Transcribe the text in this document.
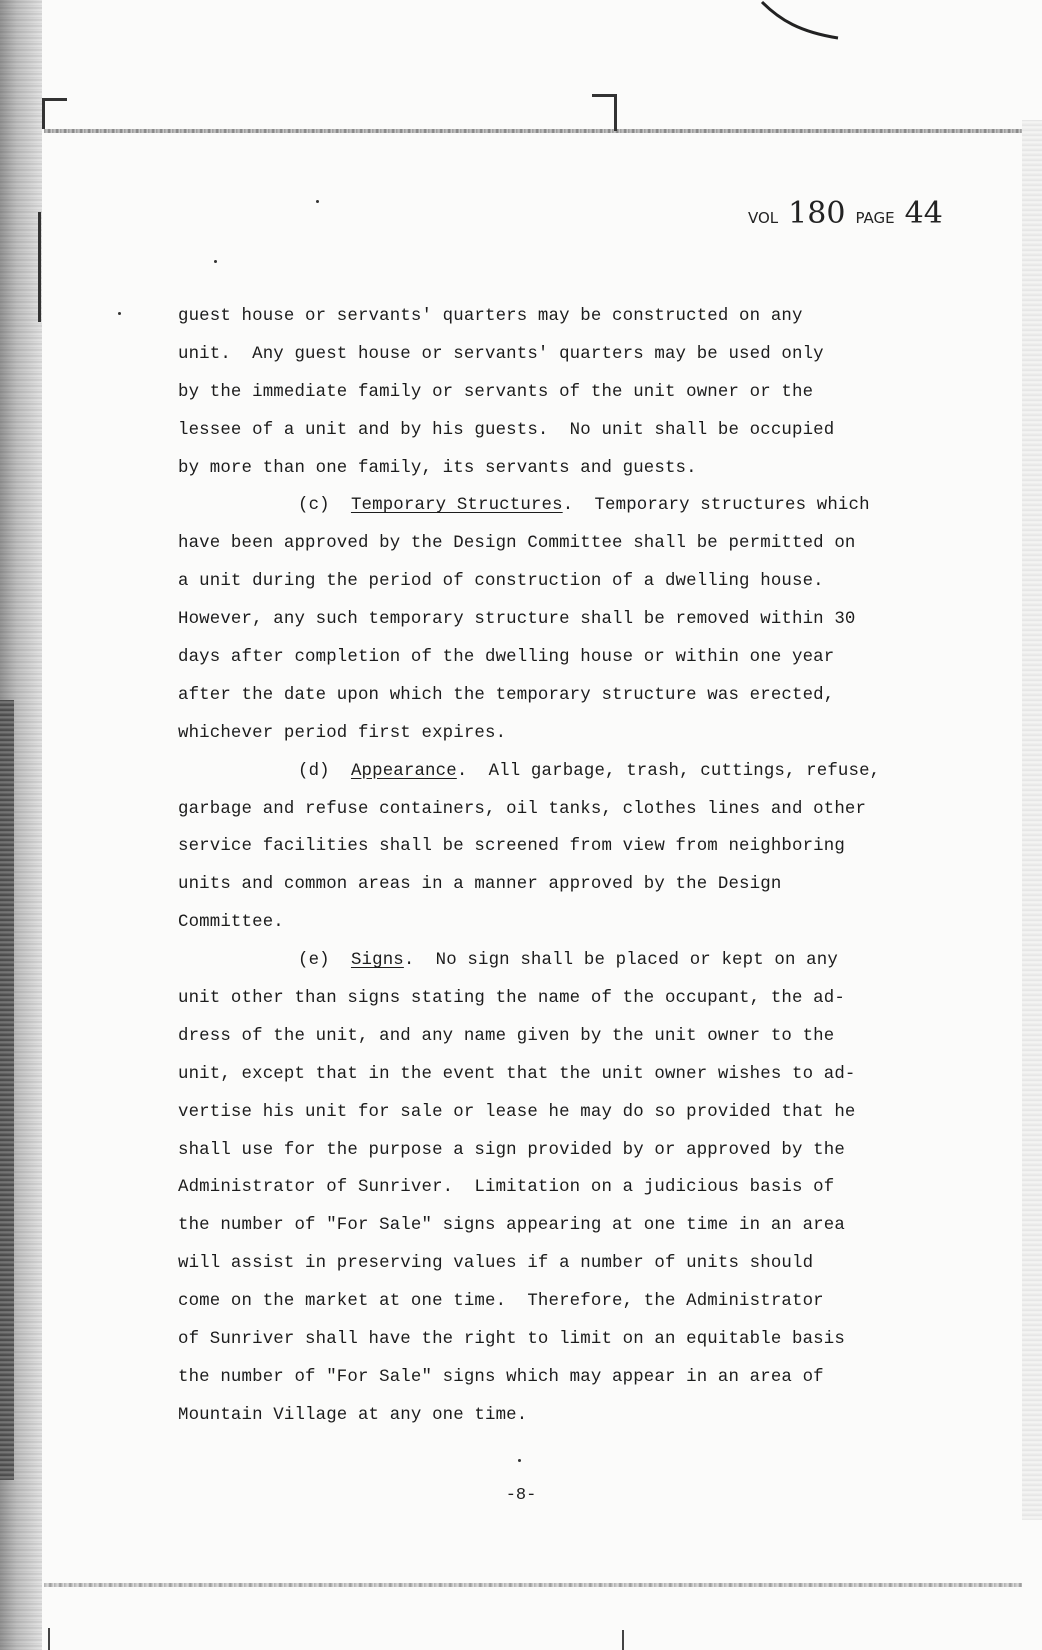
VOL 180 PAGE 44
guest house or servants' quarters may be constructed on any
unit.  Any guest house or servants' quarters may be used only
by the immediate family or servants of the unit owner or the
lessee of a unit and by his guests.  No unit shall be occupied
by more than one family, its servants and guests.
(c) Temporary Structures.  Temporary structures which
have been approved by the Design Committee shall be permitted on
a unit during the period of construction of a dwelling house.
However, any such temporary structure shall be removed within 30
days after completion of the dwelling house or within one year
after the date upon which the temporary structure was erected,
whichever period first expires.
(d) Appearance.  All garbage, trash, cuttings, refuse,
garbage and refuse containers, oil tanks, clothes lines and other
service facilities shall be screened from view from neighboring
units and common areas in a manner approved by the Design
Committee.
(e) Signs.  No sign shall be placed or kept on any
unit other than signs stating the name of the occupant, the ad-
dress of the unit, and any name given by the unit owner to the
unit, except that in the event that the unit owner wishes to ad-
vertise his unit for sale or lease he may do so provided that he
shall use for the purpose a sign provided by or approved by the
Administrator of Sunriver.  Limitation on a judicious basis of
the number of "For Sale" signs appearing at one time in an area
will assist in preserving values if a number of units should
come on the market at one time.  Therefore, the Administrator
of Sunriver shall have the right to limit on an equitable basis
the number of "For Sale" signs which may appear in an area of
Mountain Village at any one time.
-8-
